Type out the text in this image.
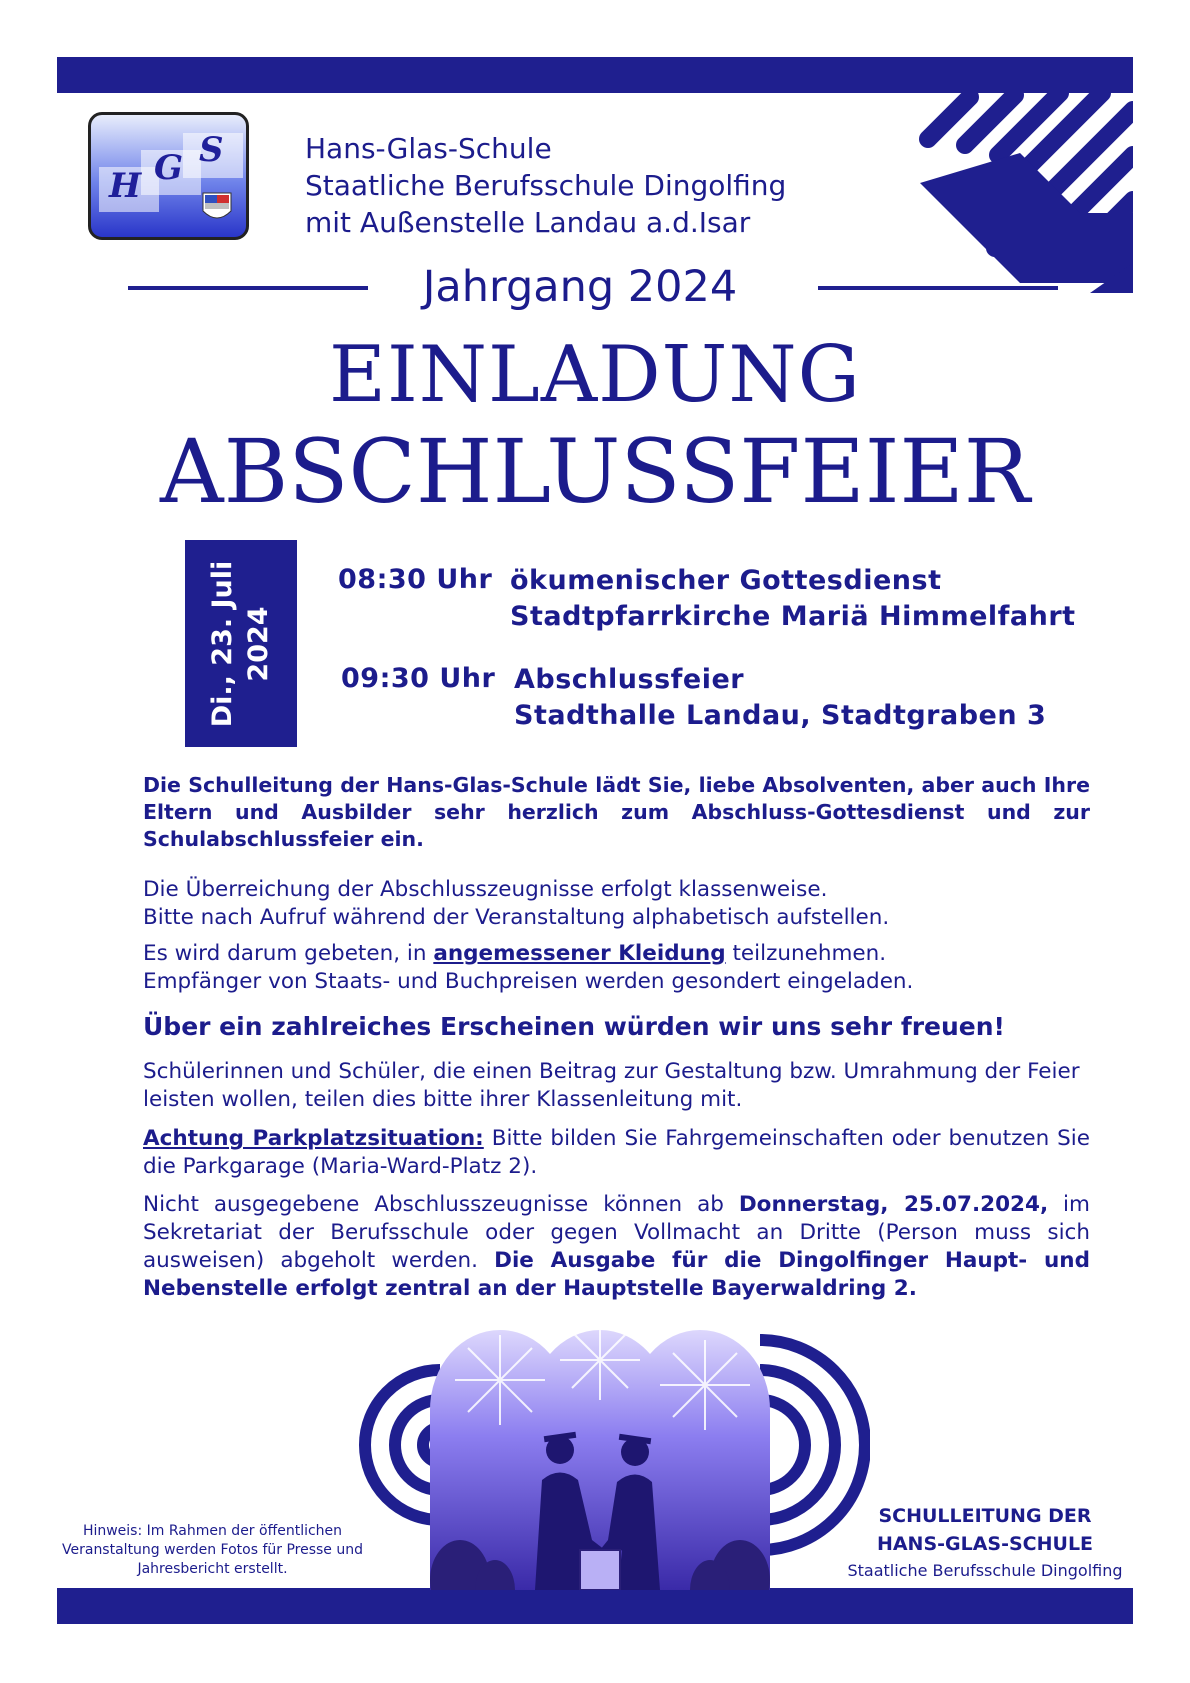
H G S	Hans-Glas-Schule
Staatliche Berufsschule Dingolfing
mit Außenstelle Landau a.d.Isar
Jahrgang 2024
EINLADUNG
ABSCHLUSSFEIER
Di., 23. Juli 2024
08:30 Uhr ökumenischer Gottesdienst
Stadtpfarrkirche Mariä Himmelfahrt
09:30 Uhr Abschlussfeier
Stadthalle Landau, Stadtgraben 3
Die Schulleitung der Hans-Glas-Schule lädt Sie, liebe Absolventen, aber auch Ihre Eltern und Ausbilder sehr herzlich zum Abschluss-Gottesdienst und zur Schulabschlussfeier ein.
Die Überreichung der Abschlusszeugnisse erfolgt klassenweise.
Bitte nach Aufruf während der Veranstaltung alphabetisch aufstellen.
Es wird darum gebeten, in angemessener Kleidung teilzunehmen.
Empfänger von Staats- und Buchpreisen werden gesondert eingeladen.
Über ein zahlreiches Erscheinen würden wir uns sehr freuen!
Schülerinnen und Schüler, die einen Beitrag zur Gestaltung bzw. Umrahmung der Feier leisten wollen, teilen dies bitte ihrer Klassenleitung mit.
Achtung Parkplatzsituation: Bitte bilden Sie Fahrgemeinschaften oder benutzen Sie die Parkgarage (Maria-Ward-Platz 2).
Nicht ausgegebene Abschlusszeugnisse können ab Donnerstag, 25.07.2024, im Sekretariat der Berufsschule oder gegen Vollmacht an Dritte (Person muss sich ausweisen) abgeholt werden. Die Ausgabe für die Dingolfinger Haupt- und Nebenstelle erfolgt zentral an der Hauptstelle Bayerwaldring 2.
Hinweis: Im Rahmen der öffentlichen Veranstaltung werden Fotos für Presse und Jahresbericht erstellt.
SCHULLEITUNG DER
HANS-GLAS-SCHULE
Staatliche Berufsschule Dingolfing
